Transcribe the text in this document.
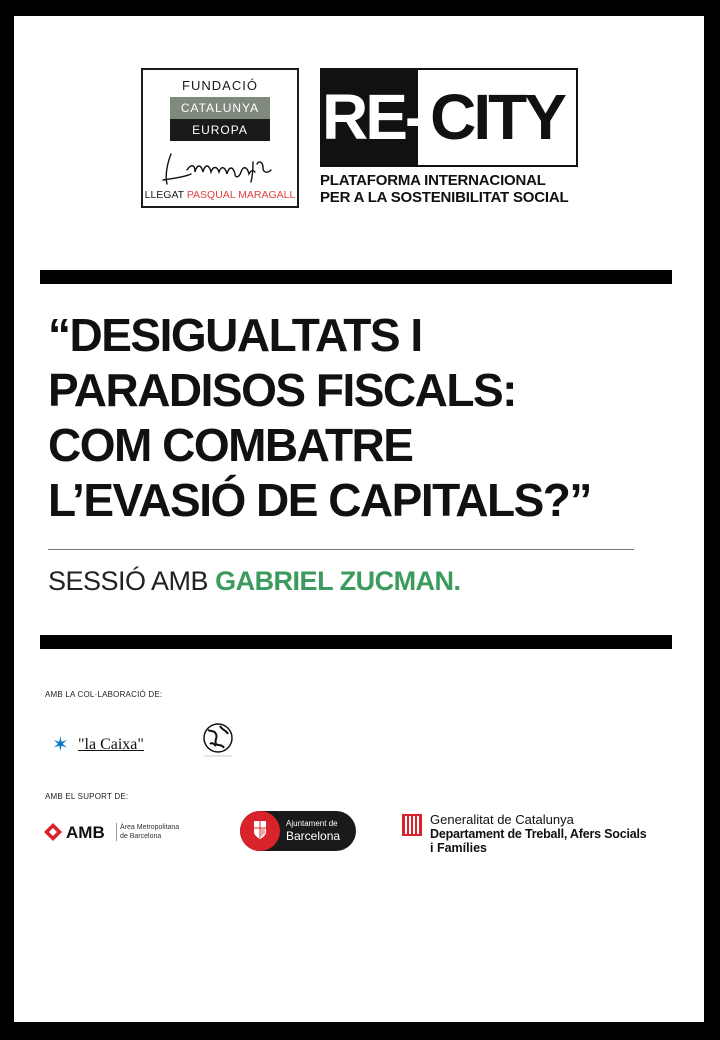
FUNDACIÓ
CATALUNYA
EUROPA
LLEGAT PASQUAL MARAGALL
RE- CITY
PLATAFORMA INTERNACIONAL
PER A LA SOSTENIBILITAT SOCIAL
“DESIGUALTATS I
PARADISOS FISCALS:
COM COMBATRE
L’EVASIÓ DE CAPITALS?”
SESSIÓ AMB GABRIEL ZUCMAN.
AMB LA COL·LABORACIÓ DE:
✶ "la Caixa"
AMB EL SUPORT DE:
AMB Àrea Metropolitana
de Barcelona
Ajuntament de
Barcelona
Generalitat de Catalunya
Departament de Treball, Afers Socials
i Famílies
